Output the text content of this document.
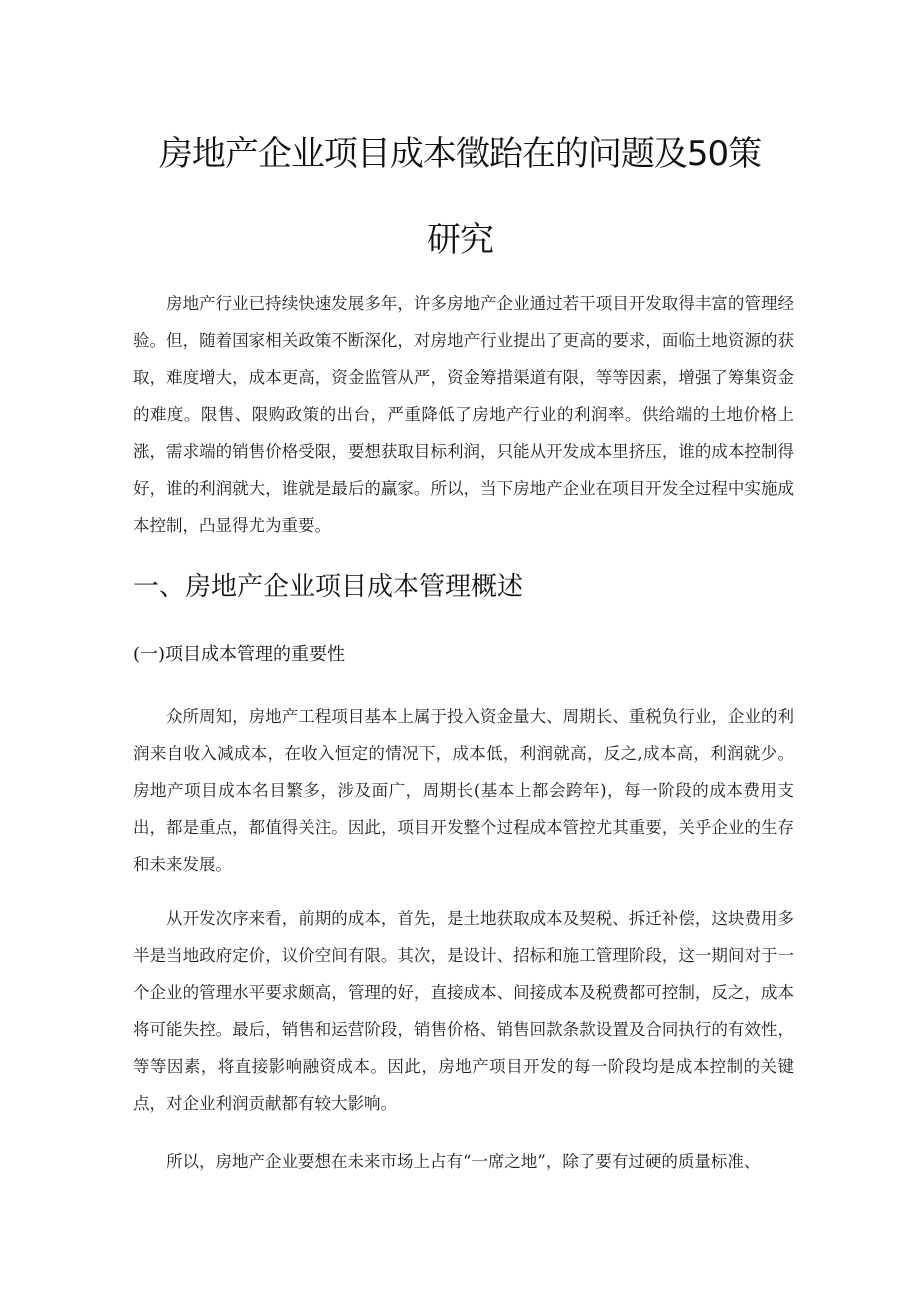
房地产企业项目成本徵跆在的问题及50策
研究

房地产行业已持续快速发展多年，许多房地产企业通过若干项目开发取得丰富的管理经验。但，随着国家相关政策不断深化，对房地产行业提出了更高的要求，面临土地资源的获取，难度增大，成本更高，资金监管从严，资金筹措渠道有限，等等因素，增强了筹集资金的难度。限售、限购政策的出台，严重降低了房地产行业的利润率。供给端的土地价格上涨，需求端的销售价格受限，要想获取目标利润，只能从开发成本里挤压，谁的成本控制得好，谁的利润就大，谁就是最后的赢家。所以，当下房地产企业在项目开发全过程中实施成本控制，凸显得尤为重要。

一、房地产企业项目成本管理概述
(一)项目成本管理的重要性

众所周知，房地产工程项目基本上属于投入资金量大、周期长、重税负行业，企业的利润来自收入减成本，在收入恒定的情况下，成本低，利润就高，反之,成本高，利润就少。房地产项目成本名目繁多，涉及面广，周期长(基本上都会跨年)，每一阶段的成本费用支出，都是重点，都值得关注。因此，项目开发整个过程成本管控尤其重要，关乎企业的生存和未来发展。

从开发次序来看，前期的成本，首先，是土地获取成本及契税、拆迁补偿，这块费用多半是当地政府定价，议价空间有限。其次，是设计、招标和施工管理阶段，这一期间对于一个企业的管理水平要求颇高，管理的好，直接成本、间接成本及税费都可控制，反之，成本将可能失控。最后，销售和运营阶段，销售价格、销售回款条款设置及合同执行的有效性，等等因素，将直接影响融资成本。因此，房地产项目开发的每一阶段均是成本控制的关键点，对企业利润贡献都有较大影响。

所以，房地产企业要想在未来市场上占有“一席之地”，除了要有过硬的质量标准、
